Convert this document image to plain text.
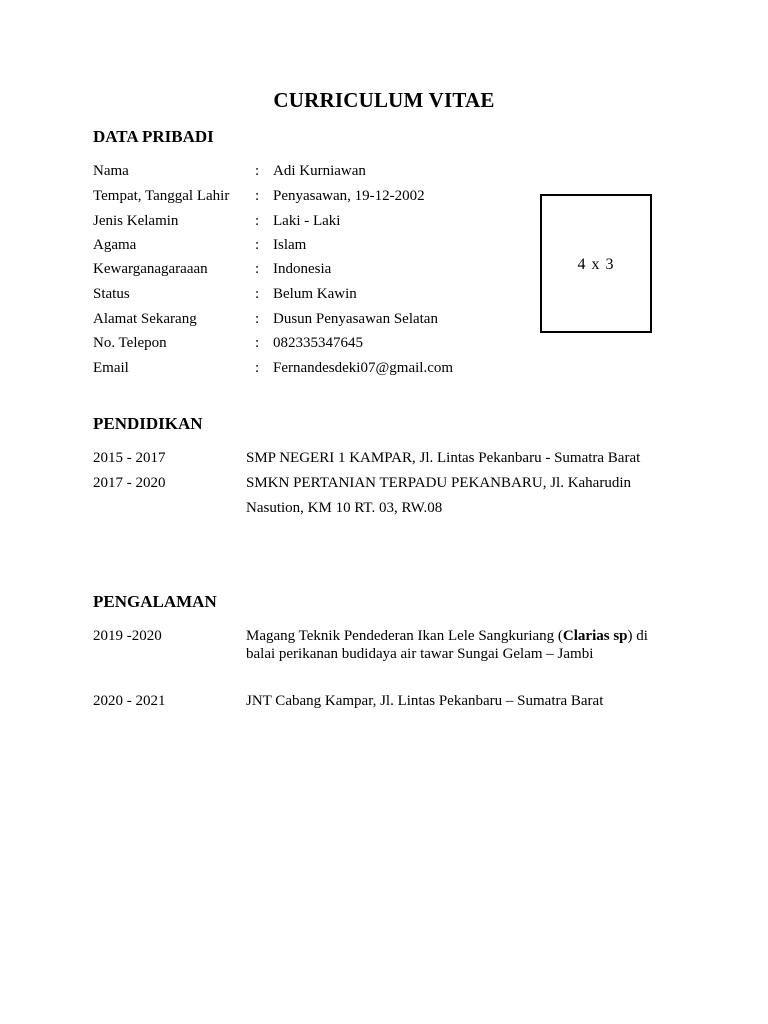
CURRICULUM VITAE
DATA PRIBADI
Nama	: Adi Kurniawan
Tempat, Tanggal Lahir : Penyasawan, 19-12-2002
Jenis Kelamin	: Laki - Laki
Agama	: Islam
Kewarganagaraaan	: Indonesia
Status	: Belum Kawin
Alamat Sekarang	: Dusun Penyasawan Selatan
No. Telepon	: 082335347645
Email	: Fernandesdeki07@gmail.com
4 x 3
PENDIDIKAN
2015 - 2017	SMP NEGERI 1 KAMPAR, Jl. Lintas Pekanbaru - Sumatra Barat
2017 - 2020	SMKN PERTANIAN TERPADU PEKANBARU, Jl. Kaharudin
Nasution, KM 10 RT. 03, RW.08
PENGALAMAN
2019 -2020	Magang Teknik Pendederan Ikan Lele Sangkuriang (Clarias sp) di balai perikanan budidaya air tawar Sungai Gelam – Jambi
2020 - 2021	JNT Cabang Kampar, Jl. Lintas Pekanbaru – Sumatra Barat
